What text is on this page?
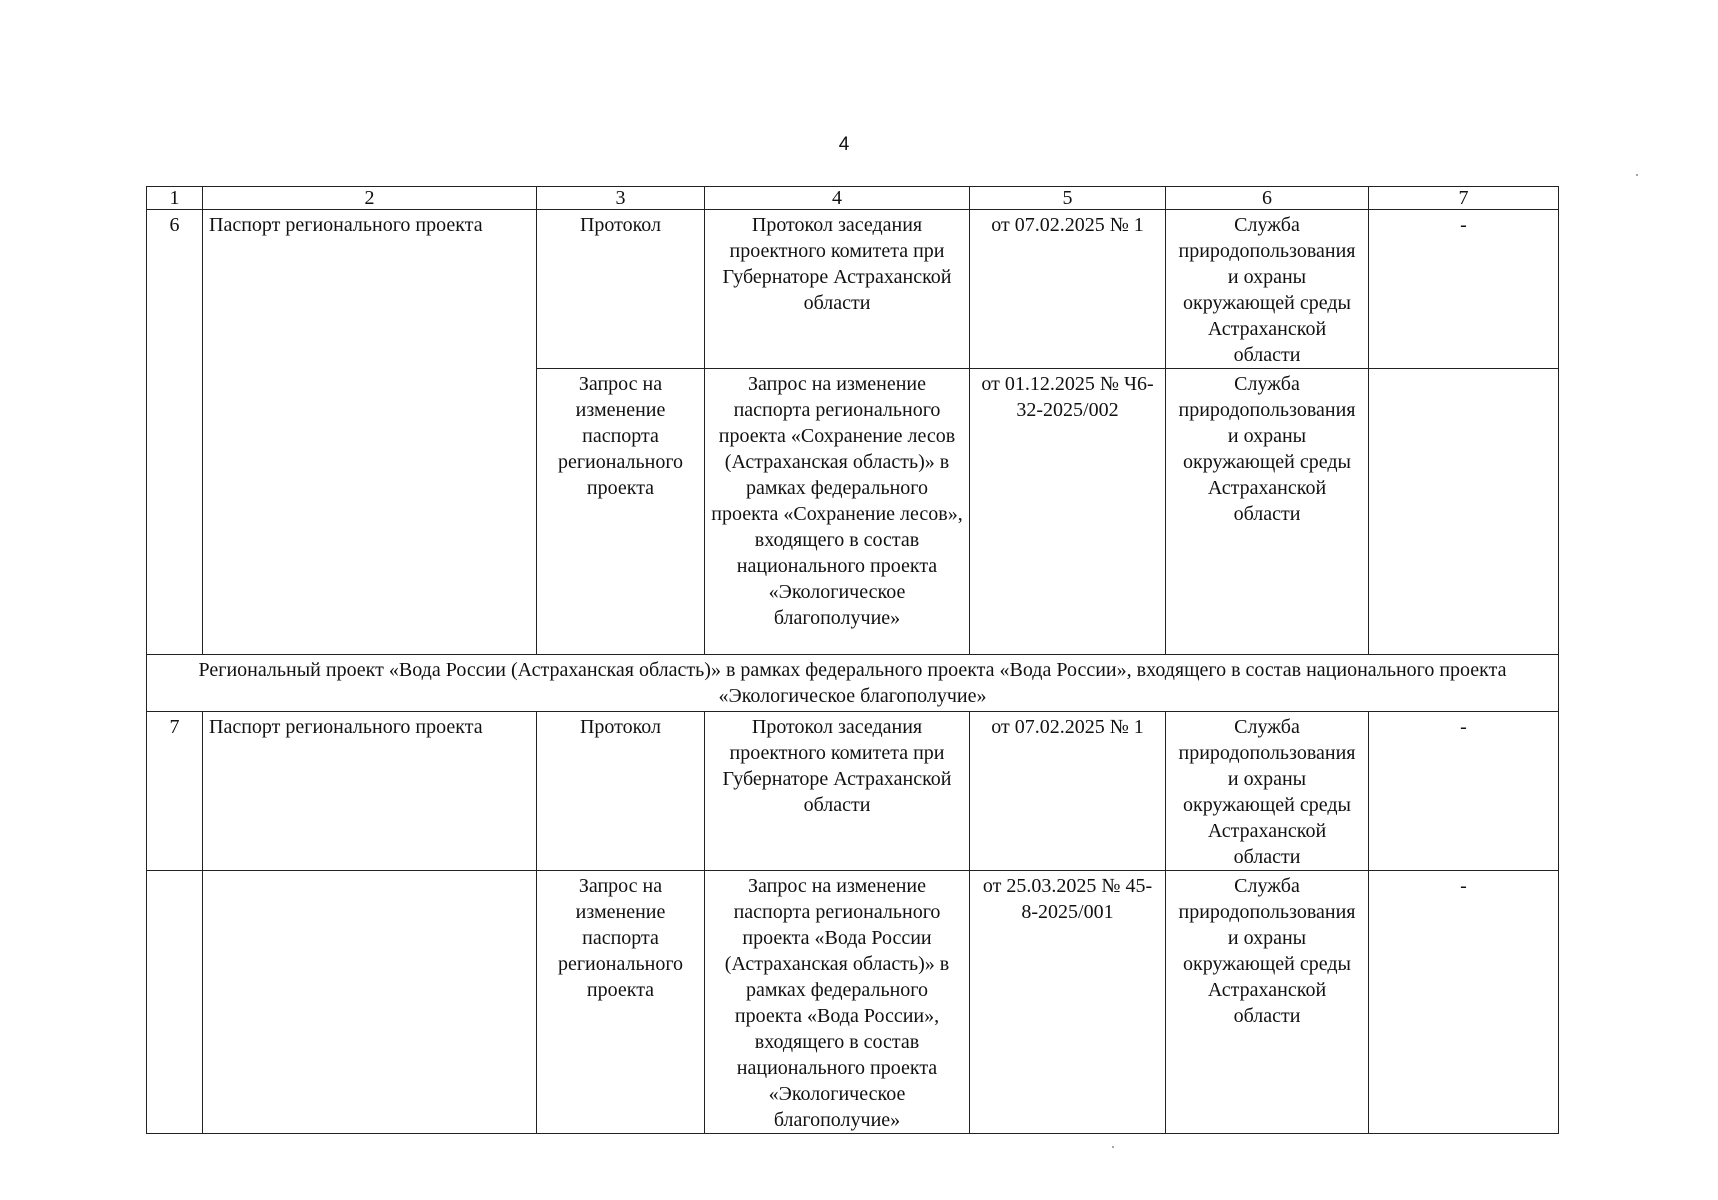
4
1	2	3	4	5	6	7
6	Паспорт регионального проекта	Протокол	Протокол заседания проектного комитета при Губернаторе Астраханской области	от 07.02.2025 № 1	Служба природопользования и охраны окружающей среды Астраханской области	-
		Запрос на изменение паспорта регионального проекта	Запрос на изменение паспорта регионального проекта «Сохранение лесов (Астраханская область)» в рамках федерального проекта «Сохранение лесов», входящего в состав национального проекта «Экологическое благополучие»	от 01.12.2025 № Ч6-32-2025/002	Служба природопользования и охраны окружающей среды Астраханской области	
Региональный проект «Вода России (Астраханская область)» в рамках федерального проекта «Вода России», входящего в состав национального проекта «Экологическое благополучие»						
7	Паспорт регионального проекта	Протокол	Протокол заседания проектного комитета при Губернаторе Астраханской области	от 07.02.2025 № 1	Служба природопользования и охраны окружающей среды Астраханской области	-
		Запрос на изменение паспорта регионального проекта	Запрос на изменение паспорта регионального проекта «Вода России (Астраханская область)» в рамках федерального проекта «Вода России», входящего в состав национального проекта «Экологическое благополучие»	от 25.03.2025 № 45-8-2025/001	Служба природопользования и охраны окружающей среды Астраханской области	-
